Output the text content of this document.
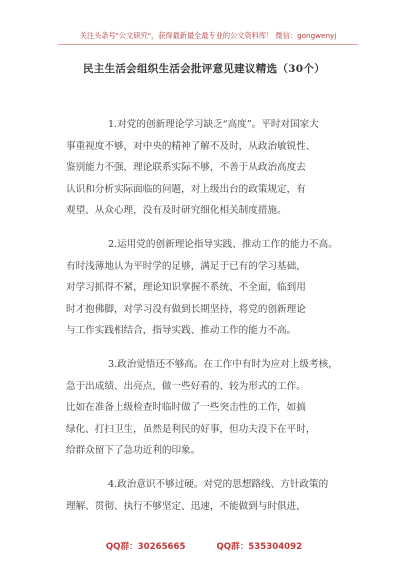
关注头条号"公文研究"，获得最新最全最专业的公文资料库！ 微信：gongwenyj
民主生活会组织生活会批评意见建议精选（30个）
1.对党的创新理论学习缺乏“高度”。平时对国家大
事重视度不够，对中央的精神了解不及时，从政治敏锐性、
鉴别能力不强，理论联系实际不够，不善于从政治高度去
认识和分析实际面临的问题，对上级出台的政策规定，有
观望、从众心理，没有及时研究细化相关制度措施。
2.运用党的创新理论指导实践、推动工作的能力不高。
有时浅薄地认为平时学的足够，满足于已有的学习基础，
对学习抓得不紧，理论知识掌握不系统、不全面，临到用
时才抱佛脚，对学习没有做到长期坚持，将党的创新理论
与工作实践相结合，指导实践、推动工作的能力不高。
3.政治觉悟还不够高。在工作中有时为应对上级考核，
急于出成绩、出亮点，做一些好看的、较为形式的工作。
比如在准备上级检查时临时做了一些突击性的工作，如搞
绿化、打扫卫生，虽然是利民的好事，但功夫没下在平时，
给群众留下了急功近利的印象。
4.政治意识不够过硬。对党的思想路线、方针政策的
理解、贯彻、执行不够坚定、迅速，不能做到与时俱进，
QQ群：30265665	QQ群：535304092
